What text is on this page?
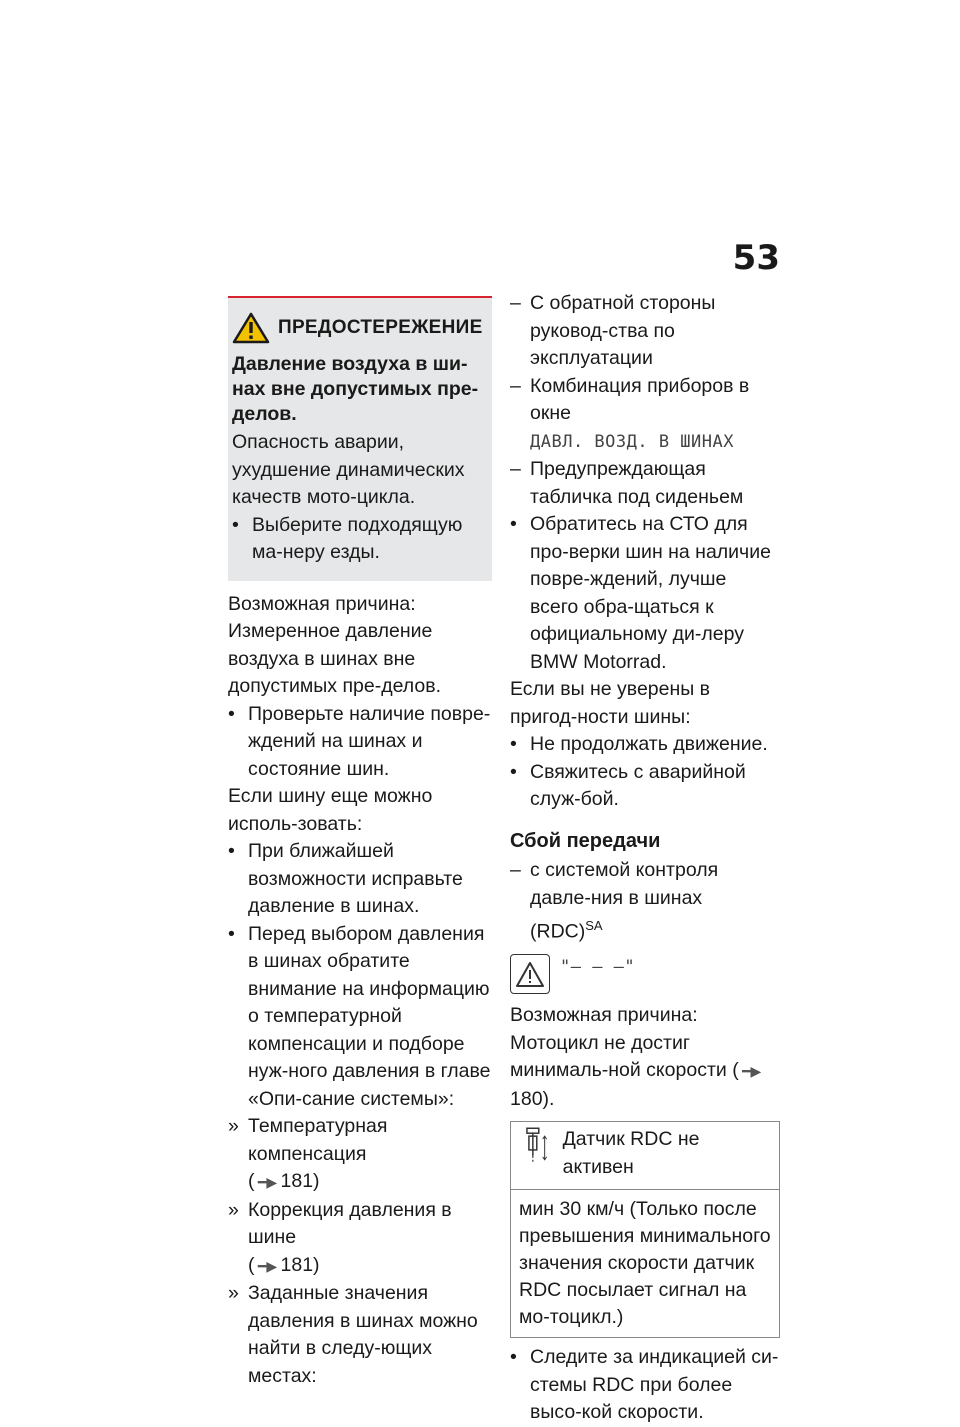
53
ПРЕДОСТЕРЕЖЕНИЕ

Давление воздуха в ши-нах вне допустимых пре-делов.

Опасность аварии, ухудшение динамических качеств мото-цикла.

• Выберите подходящую ма-неру езды.

Возможная причина:

Измеренное давление воздуха в шинах вне допустимых пре-делов.

• Проверьте наличие повре-ждений на шинах и состояние шин.

Если шину еще можно исполь-зовать:

• При ближайшей возможности исправьте давление в шинах.

• Перед выбором давления в шинах обратите внимание на информацию о температурной компенсации и подборе нуж-ного давления в главе «Опи-сание системы»:

» Температурная компенсация
( ━▶ 181)

» Коррекция давления в шине
( ━▶ 181)

» Заданные значения давления в шинах можно найти в следу-ющих местах:

– С обратной стороны руковод-ства по эксплуатации

– Комбинация приборов в окне
ДАВЛ. ВОЗД. В ШИНАХ

– Предупреждающая табличка под сиденьем

• Обратитесь на СТО для про-верки шин на наличие повре-ждений, лучше всего обра-щаться к официальному ди-леру BMW Motorrad.

Если вы не уверены в пригод-ности шины:

• Не продолжать движение.

• Свяжитесь с аварийной служ-бой.

Сбой передачи

– с системой контроля давле-ния в шинах (RDC)$^{SA}$

"– – –"

Возможная причина:

Мотоцикл не достиг минималь-ной скорости ( ━▶180).

Датчик RDC не активен
мин 30 км/ч (Только после превышения минимального значения скорости датчик RDC посылает сигнал на мо-тоцикл.)

• Следите за индикацией си-стемы RDC при более высо-кой скорости.
